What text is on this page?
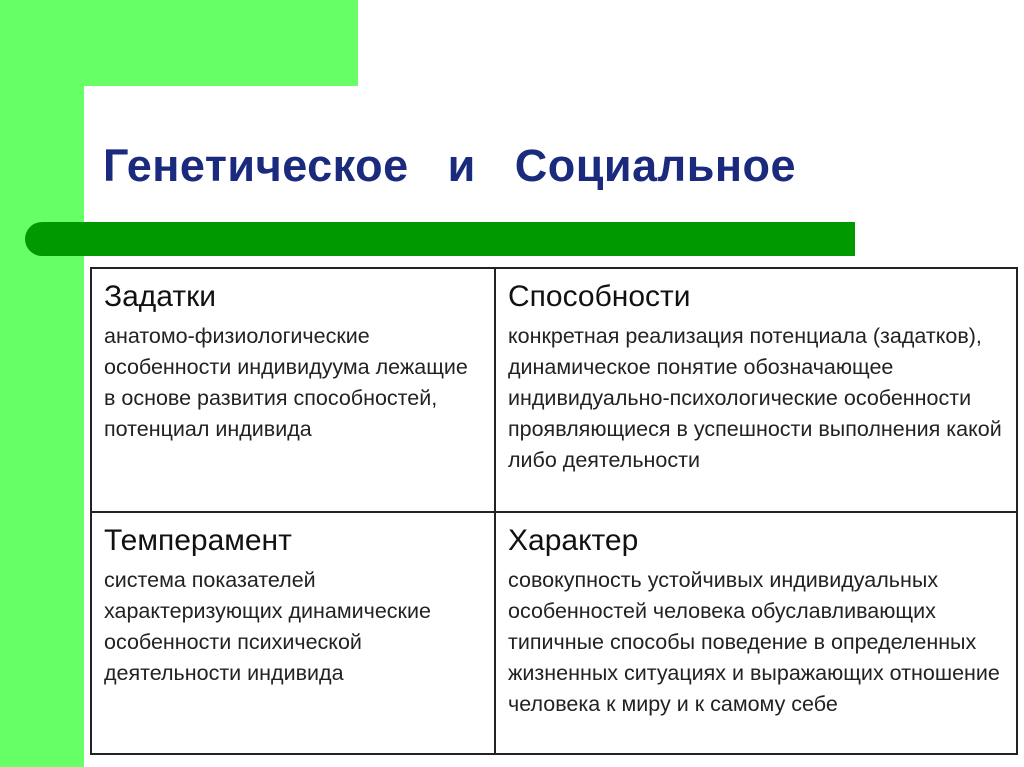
Генетическое   и   Социальное
Задатки

анатомо-физиологические особенности индивидуума лежащие в основе развития способностей, потенциал индивида

Способности

конкретная реализация потенциала (задатков), динамическое понятие обозначающее индивидуально-психологические особенности проявляющиеся в успешности выполнения какой либо деятельности

Темперамент

система показателей характеризующих динамические особенности психической деятельности индивида

Характер

совокупность устойчивых индивидуальных особенностей человека обуславливающих типичные способы поведение в определенных жизненных ситуациях и выражающих отношение человека к миру и к самому себе
